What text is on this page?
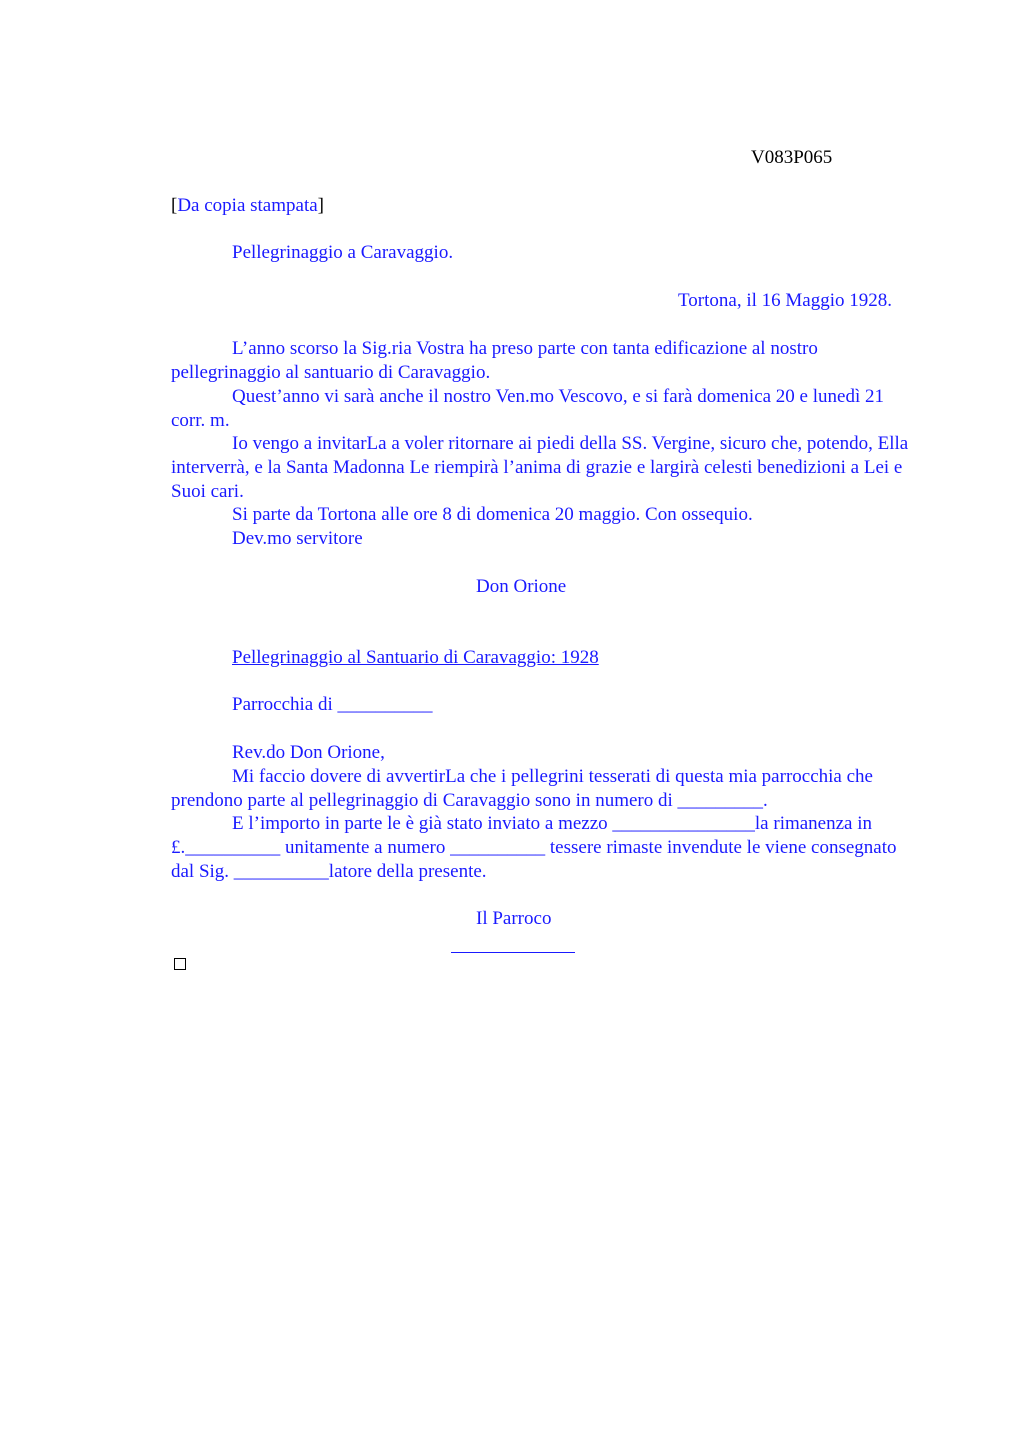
V083P065
[Da copia stampata]
Pellegrinaggio a Caravaggio.
Tortona, il 16 Maggio 1928.
L’anno scorso la Sig.ria Vostra ha preso parte con tanta edificazione al nostro pellegrinaggio al santuario di Caravaggio.
Quest’anno vi sarà anche il nostro Ven.mo Vescovo, e si farà domenica 20 e lunedì 21 corr. m.
Io vengo a invitarLa a voler ritornare ai piedi della SS. Vergine, sicuro che, potendo, Ella interverrà, e la Santa Madonna Le riempirà l’anima di grazie e largirà celesti benedizioni a Lei e Suoi cari.
Si parte da Tortona alle ore 8 di domenica 20 maggio. Con ossequio.
Dev.mo servitore
Don Orione
Pellegrinaggio al Santuario di Caravaggio: 1928
Parrocchia di __________
Rev.do Don Orione,
Mi faccio dovere di avvertirLa che i pellegrini tesserati di questa mia parrocchia che prendono parte al pellegrinaggio di Caravaggio sono in numero di _________.
E l’importo in parte le è già stato inviato a mezzo _______________la rimanenza in £.__________ unitamente a numero __________ tessere rimaste invendute le viene consegnato dal Sig. __________latore della presente.
Il Parroco
